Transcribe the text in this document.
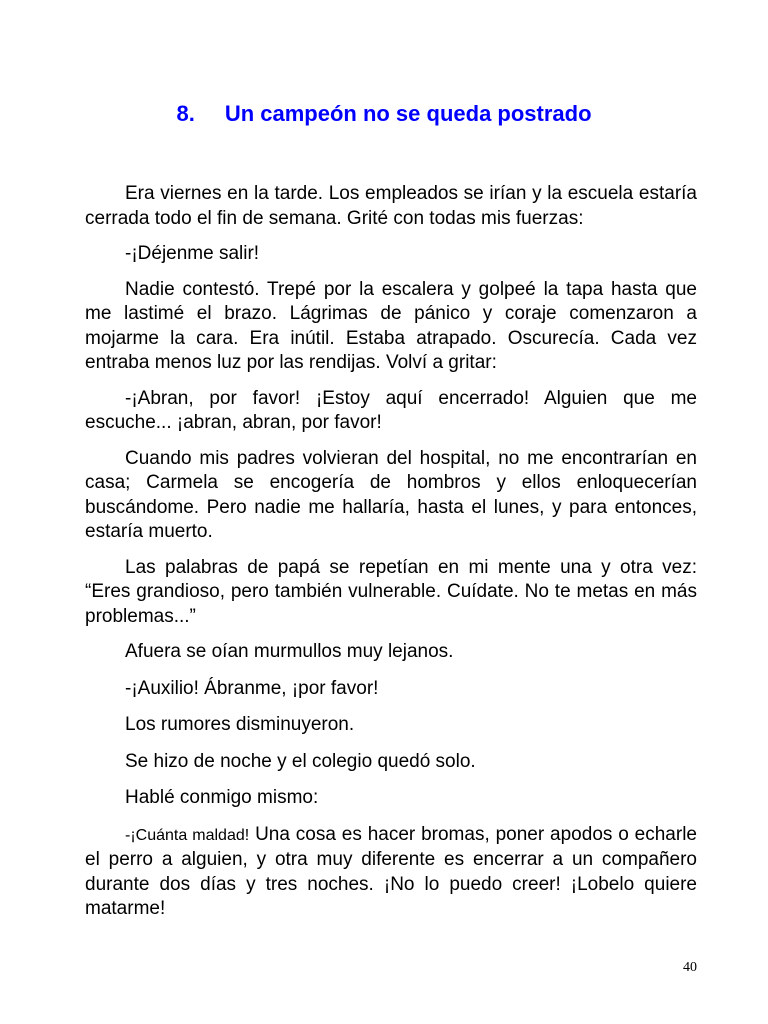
8. Un campeón no se queda postrado

Era viernes en la tarde. Los empleados se irían y la escuela estaría cerrada todo el fin de semana. Grité con todas mis fuerzas:

-¡Déjenme salir!

Nadie contestó. Trepé por la escalera y golpeé la tapa hasta que me lastimé el brazo. Lágrimas de pánico y coraje comenzaron a mojarme la cara. Era inútil. Estaba atrapado. Oscurecía. Cada vez entraba menos luz por las rendijas. Volví a gritar:

-¡Abran, por favor! ¡Estoy aquí encerrado! Alguien que me escuche... ¡abran, abran, por favor!

Cuando mis padres volvieran del hospital, no me encontrarían en casa; Carmela se encogería de hombros y ellos enloquecerían buscándome. Pero nadie me hallaría, hasta el lunes, y para entonces, estaría muerto.

Las palabras de papá se repetían en mi mente una y otra vez: “Eres grandioso, pero también vulnerable. Cuídate. No te metas en más problemas...”

Afuera se oían murmullos muy lejanos.

-¡Auxilio! Ábranme, ¡por favor!

Los rumores disminuyeron.

Se hizo de noche y el colegio quedó solo.

Hablé conmigo mismo:

-¡Cuánta maldad! Una cosa es hacer bromas, poner apodos o echarle el perro a alguien, y otra muy diferente es encerrar a un compañero durante dos días y tres noches. ¡No lo puedo creer! ¡Lobelo quiere matarme!

40
